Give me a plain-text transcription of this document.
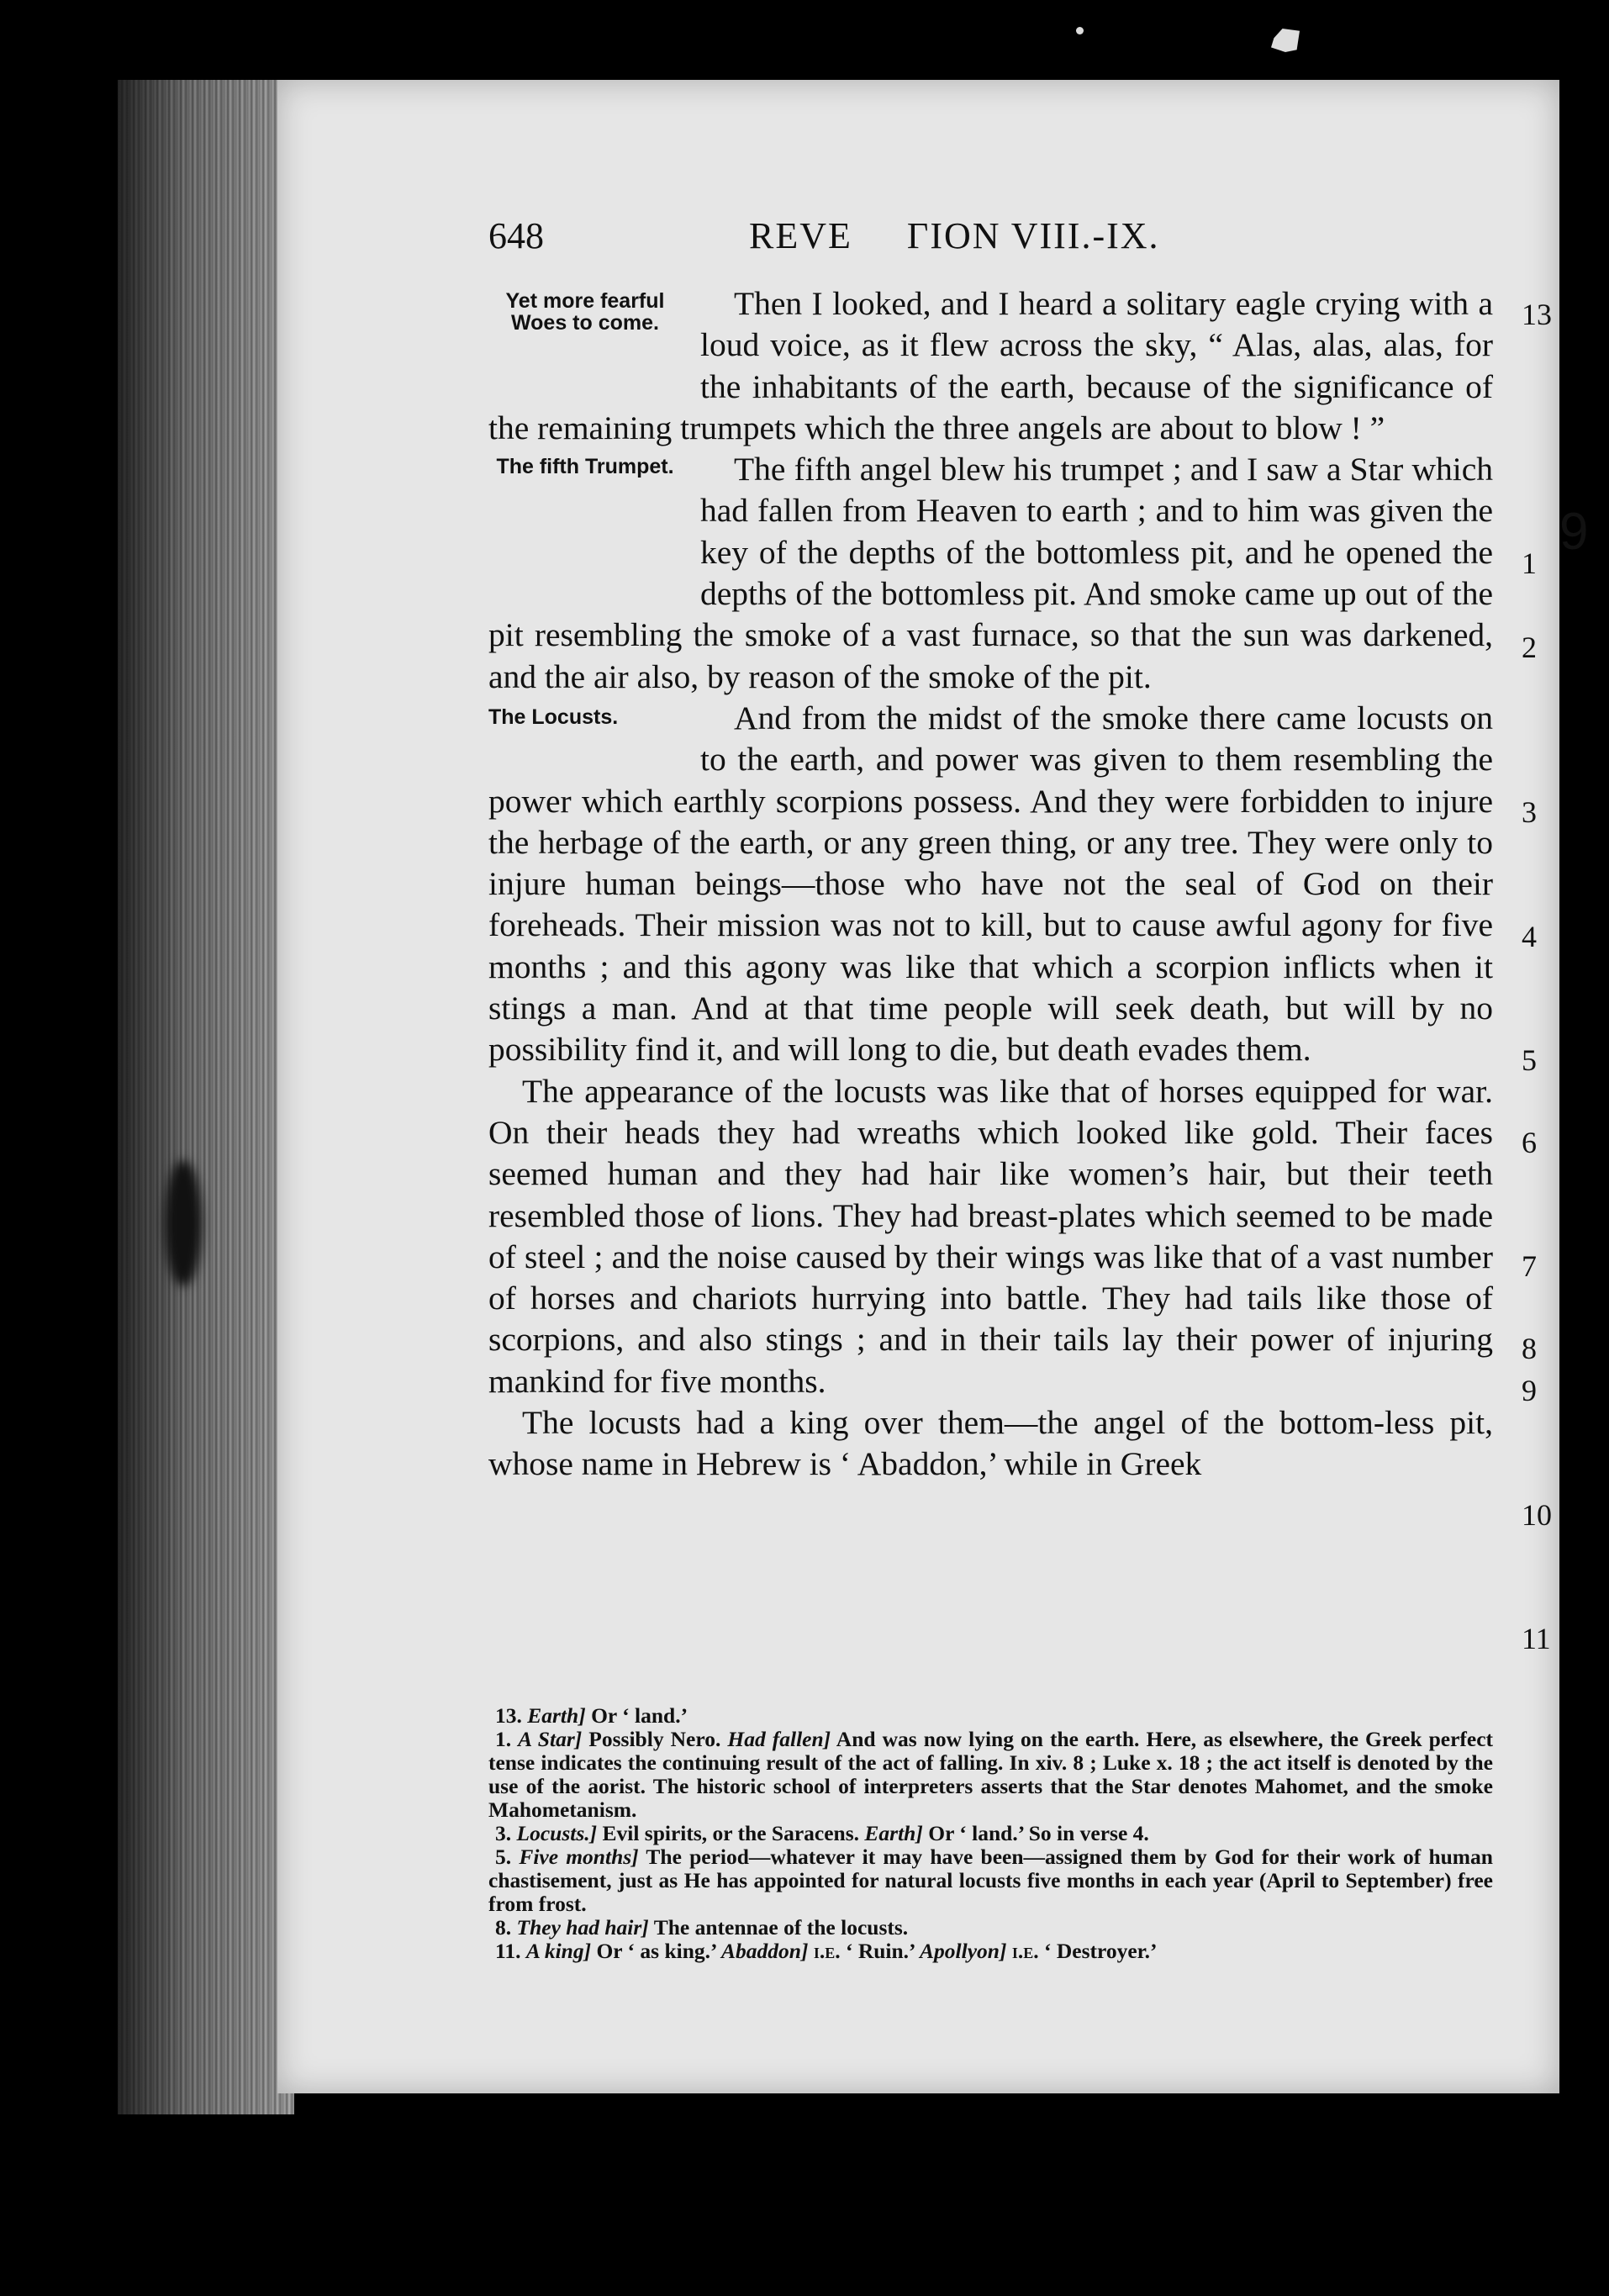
648	REVE     ΓION VIII.-IX.
Yet more fearful Woes to come.

Then I looked, and I heard a solitary eagle crying with a loud voice, as it flew across the sky, “ Alas, alas, alas, for the inhabitants of the earth, because of the significance of the remaining trumpets which the three angels are about to blow ! ”

The fifth Trumpet.	The fifth angel blew his trumpet ; and I saw a Star which had fallen from Heaven to earth ; and to him was given the key of the depths of the bottomless pit, and he opened the depths of the bottomless pit. And smoke came up out of the pit resembling the smoke of a vast furnace, so that the sun was darkened, and the air also, by reason of the smoke of the pit.

The Locusts.	And from the midst of the smoke there came locusts on to the earth, and power was given to them resembling the power which earthly scorpions possess. And they were forbidden to injure the herbage of the earth, or any green thing, or any tree. They were only to injure human beings—those who have not the seal of God on their foreheads. Their mission was not to kill, but to cause awful agony for five months ; and this agony was like that which a scorpion inflicts when it stings a man. And at that time people will seek death, but will by no possibility find it, and will long to die, but death evades them.

The appearance of the locusts was like that of horses equipped for war. On their heads they had wreaths which looked like gold. Their faces seemed human and they had hair like women’s hair, but their teeth resembled those of lions. They had breast-plates which seemed to be made of steel ; and the noise caused by their wings was like that of a vast number of horses and chariots hurrying into battle. They had tails like those of scorpions, and also stings ; and in their tails lay their power of injuring mankind for five months.

The locusts had a king over them—the angel of the bottom-less pit, whose name in Hebrew is ‘ Abaddon,’ while in Greek

13
1
9
2
3
4
5
6
7
8
9
10
11

13. Earth] Or ‘ land.’

1. A Star] Possibly Nero. Had fallen] And was now lying on the earth. Here, as elsewhere, the Greek perfect tense indicates the continuing result of the act of falling. In xiv. 8 ; Luke x. 18 ; the act itself is denoted by the use of the aorist. The historic school of interpreters asserts that the Star denotes Mahomet, and the smoke Mahometanism.

3. Locusts.] Evil spirits, or the Saracens. Earth] Or ‘ land.’ So in verse 4.

5. Five months] The period—whatever it may have been—assigned them by God for their work of human chastisement, just as He has appointed for natural locusts five months in each year (April to September) free from frost.

8. They had hair] The antennae of the locusts.

11. A king] Or ‘ as king.’ Abaddon] i.e. ‘ Ruin.’ Apollyon] i.e. ‘ Destroyer.’
